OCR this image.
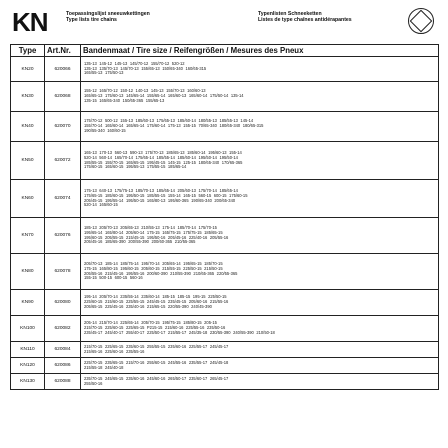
KN	Toepassingslijst sneeuwkettingen
Type lists tire chains
Typenlisten Schneeketten
Listes de type chaînes antidérapantes
Type	Art.Nr.	Bandenmaat / Tire size / Reifengrößen / Mesures des Pneux
KN20	620066	135-13 145-12 145-13 145/70-12 155/70-12 520-12
135-13 135/70-13 145/70-13 155/65-13 150/65-340 160/65-315
165/55-13 175/50-13

KN30	620068	155-12 165/70-12 150-12 140-13 145-13 155/70-13 160/60-13
165/65-13 175/60-13 145/65-14 155/65-14 165/60-13 165/60-14 175/50-14 135-14
135-15 165/65-340 150/65-365 155/65-13

KN40	620070	175/70-12 500-12 155-13 185/60-13 175/65-13 185/60-14 180/55-13 185/55-13 145-14
155/70-14 165/60-14 165/65-14 175/60-14 175-13 155-15 70/65-340 180/65-340 180/65-315
190/55-340 160/60-15

KN50	620072	165-13 170-13 560-13 590-13 175/70-13 185/65-13 185/60-14 195/60-13 155-14
520-14 560-14 165/70-14 175/65-14 185/55-14 185/60-14 195/50-14 195/50-14
185/55-15 155/70-15 165/65-15 195/45-15 145-15 125-15 180/65-340 170/65-365
175/60-15 165/60-15 195/55-13 175/55-15 185/65-14

KN60	620074	175-13 640-13 175/75-13 185/70-13 185/65-14 205/60-13 175/70-14 185/65-14
175/65-15 185/60-15 195/50-15 185/55-15 155-14 165-15 560-15 600-15 175/60-15
205/45-15 195/55-14 195/50-15 165/80-13 195/60-365 190/65-340 200/65-340
520-14 165/60-15

KN70	620076	185-13 205/70-13 205/65-13 210/55-13 175-14 185/70-14 175/70-15
195/65-14 165/80-14 205/60-14 175-15 165/75-15 175/75-15 185/65-15
195/60-15 205/55-15 215/45-15 195/50-16 205/45-16 225/40-16 205/55-16
205/45-16 185/65-390 200/55-390 200/60-365 210/55-365

KN80	620078	205/70-13 185-14 185/75-14 195/70-14 205/65-14 195/65-15 185/70-15
175-15 165/80-15 195/60-15 205/60-15 215/55-15 225/50-15 215/50-15
205/55-16 215/45-16 195/55-16 200/60-390 210/55-390 210/65-365 220/55-365
155-15 500-15 600-15 560-16

KN90	620080	195-14 205/70-14 235/55-14 235/60-14 185-15 185-15 195-15 225/50-15
225/60-15 215/60-15 225/55-15 245/45-15 235/45-15 205/60-16 215/55-16
205/65-15 225/45-16 235/40-16 215/65-15 220/55-390 240/45-390

KN100	620082	205-14 215/70-14 225/65-14 205/70-15 195/75-15 185/80-15 205-15
215/70-15 225/60-15 225/65-15 P215-15 215/60-16 225/55-16 235/50-16
235/45-17 245/40-17 255/40-17 225/50-17 215/55-17 245/35-18 230/55-390 240/55-390 210/50-18

KN110	620084	215/70-15 225/65-15 235/60-15 255/55-15 235/60-16 225/55-17 245/45-17
215/65-16 225/60-16 235/55-16

KN120	620086	225/70-15 235/65-15 215/70-16 255/60-15 245/55-16 235/55-17 245/45-18
215/55-18 245/40-18

KN130	620088	235/70-15 245/65-15 235/60-16 245/60-16 265/50-17 235/60-17 265/45-17
255/50-16
